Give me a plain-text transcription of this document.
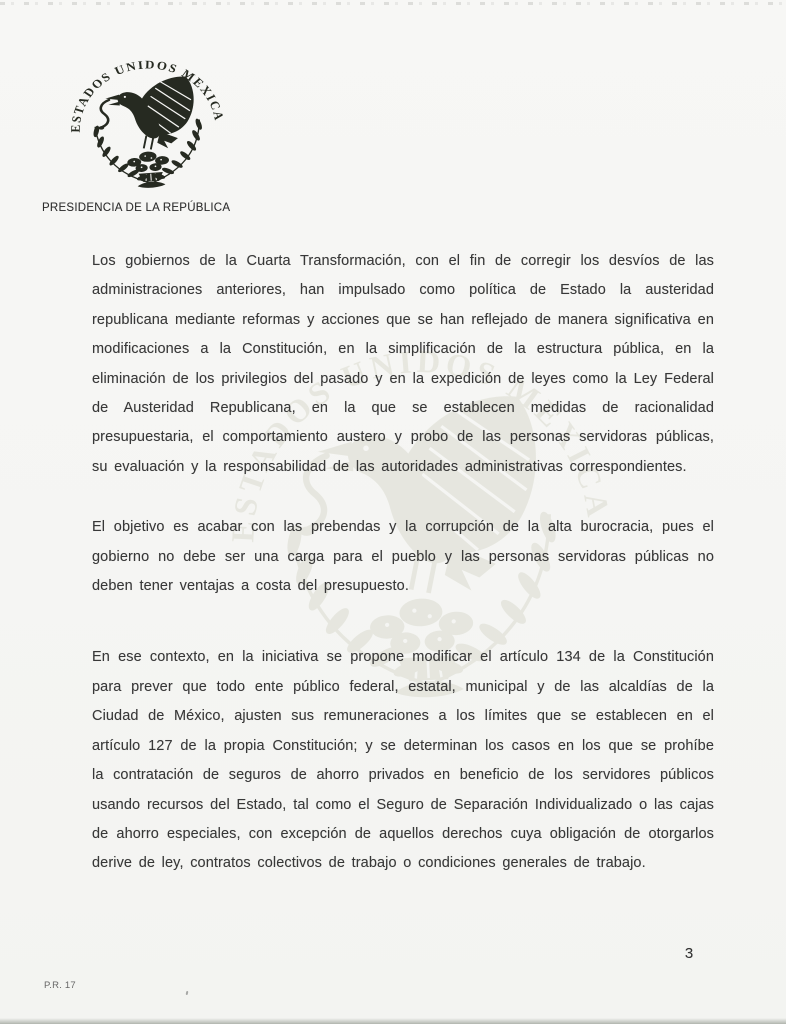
PRESIDENCIA DE LA REPÚBLICA

Los gobiernos de la Cuarta Transformación, con el fin de corregir los desvíos de las administraciones anteriores, han impulsado como política de Estado la austeridad republicana mediante reformas y acciones que se han reflejado de manera significativa en modificaciones a la Constitución, en la simplificación de la estructura pública, en la eliminación de los privilegios del pasado y en la expedición de leyes como la Ley Federal de Austeridad Republicana, en la que se establecen medidas de racionalidad presupuestaria, el comportamiento austero y probo de las personas servidoras públicas, su evaluación y la responsabilidad de las autoridades administrativas correspondientes.

El objetivo es acabar con las prebendas y la corrupción de la alta burocracia, pues el gobierno no debe ser una carga para el pueblo y las personas servidoras públicas no deben tener ventajas a costa del presupuesto.

En ese contexto, en la iniciativa se propone modificar el artículo 134 de la Constitución para prever que todo ente público federal, estatal, municipal y de las alcaldías de la Ciudad de México, ajusten sus remuneraciones a los límites que se establecen en el artículo 127 de la propia Constitución; y se determinan los casos en los que se prohíbe la contratación de seguros de ahorro privados en beneficio de los servidores públicos usando recursos del Estado, tal como el Seguro de Separación Individualizado o las cajas de ahorro especiales, con excepción de aquellos derechos cuya obligación de otorgarlos derive de ley, contratos colectivos de trabajo o condiciones generales de trabajo.

3
P.R. 17
